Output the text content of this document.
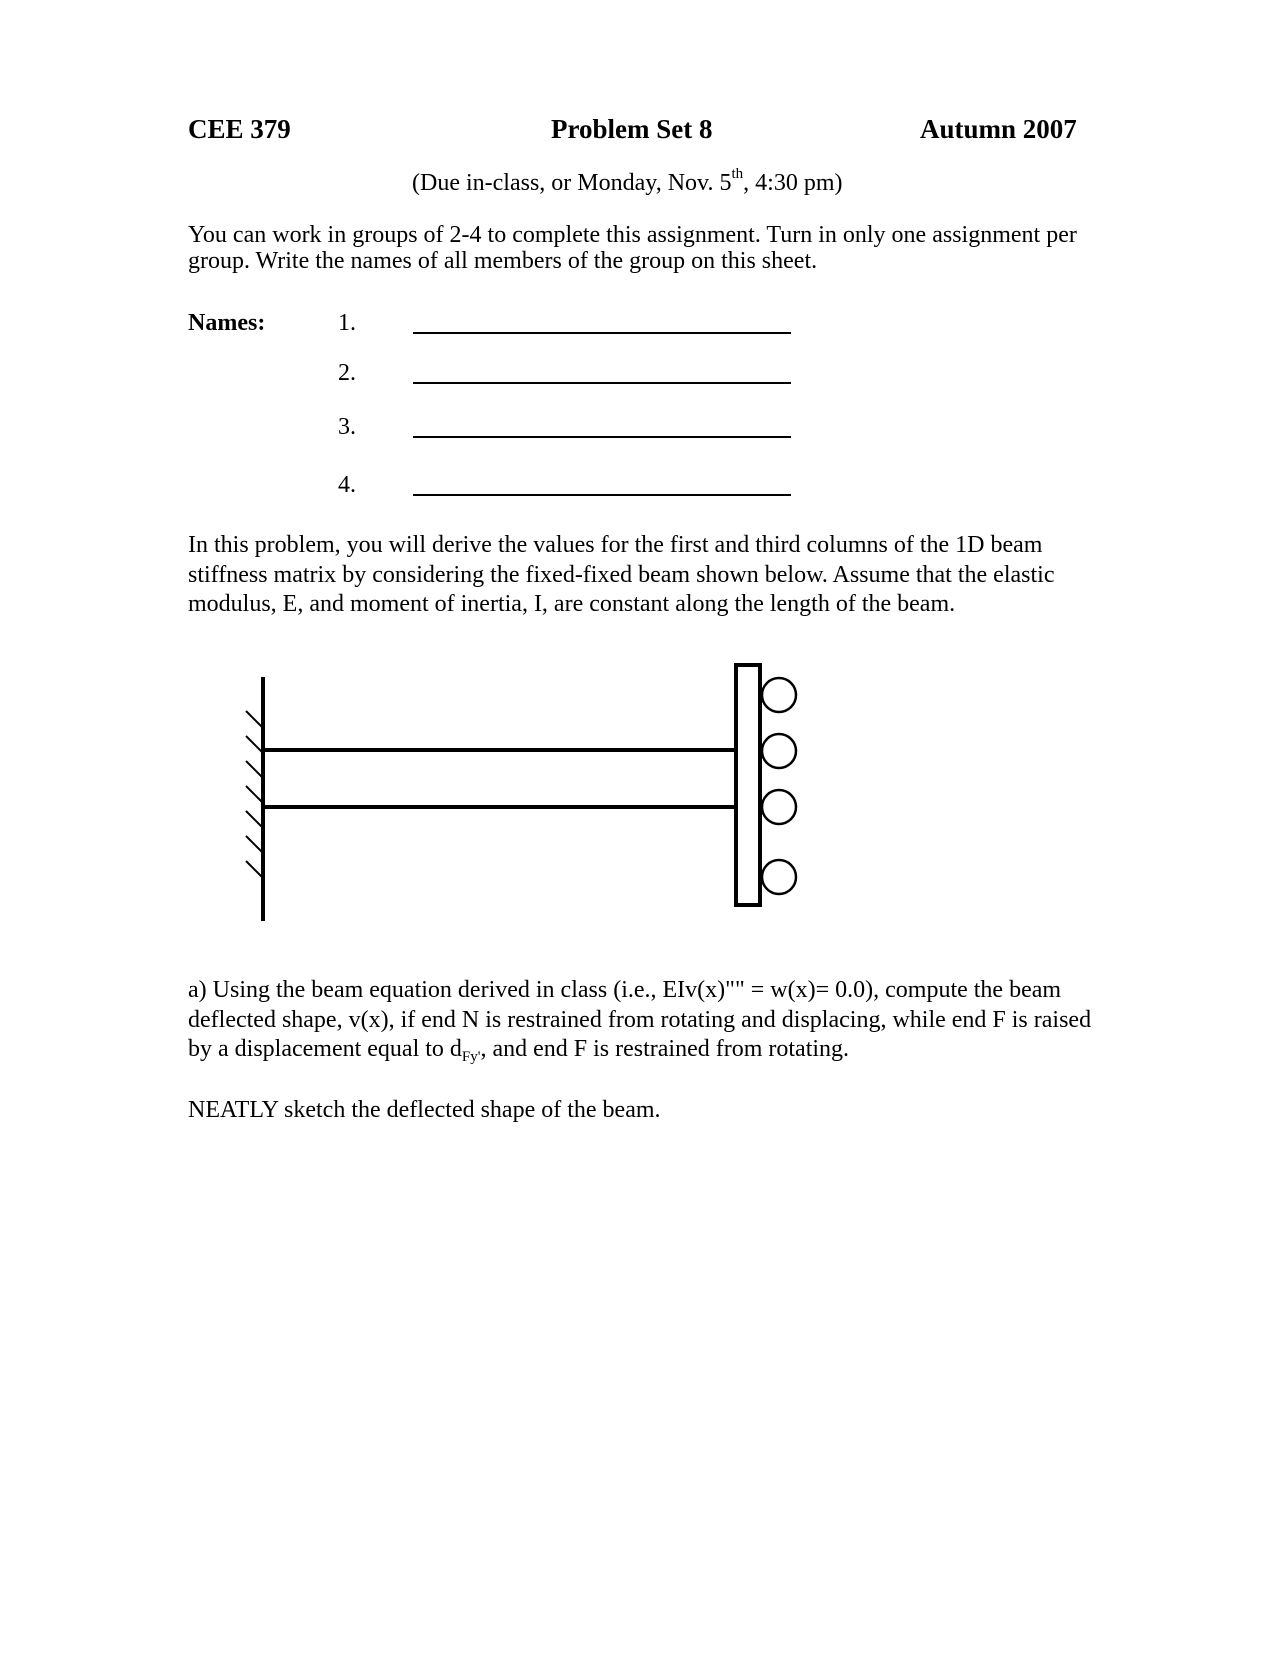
CEE 379	Problem Set 8	Autumn 2007
(Due in-class, or Monday, Nov. 5th, 4:30 pm)
You can work in groups of 2-4 to complete this assignment. Turn in only one assignment per group. Write the names of all members of the group on this sheet.
Names:	1.
2.
3.
4.
In this problem, you will derive the values for the first and third columns of the 1D beam stiffness matrix by considering the fixed-fixed beam shown below. Assume that the elastic modulus, E, and moment of inertia, I, are constant along the length of the beam.
a) Using the beam equation derived in class (i.e., EIv(x)"" = w(x)= 0.0), compute the beam deflected shape, v(x), if end N is restrained from rotating and displacing, while end F is raised by a displacement equal to $d_{Fy'}$, and end F is restrained from rotating.
NEATLY sketch the deflected shape of the beam.
